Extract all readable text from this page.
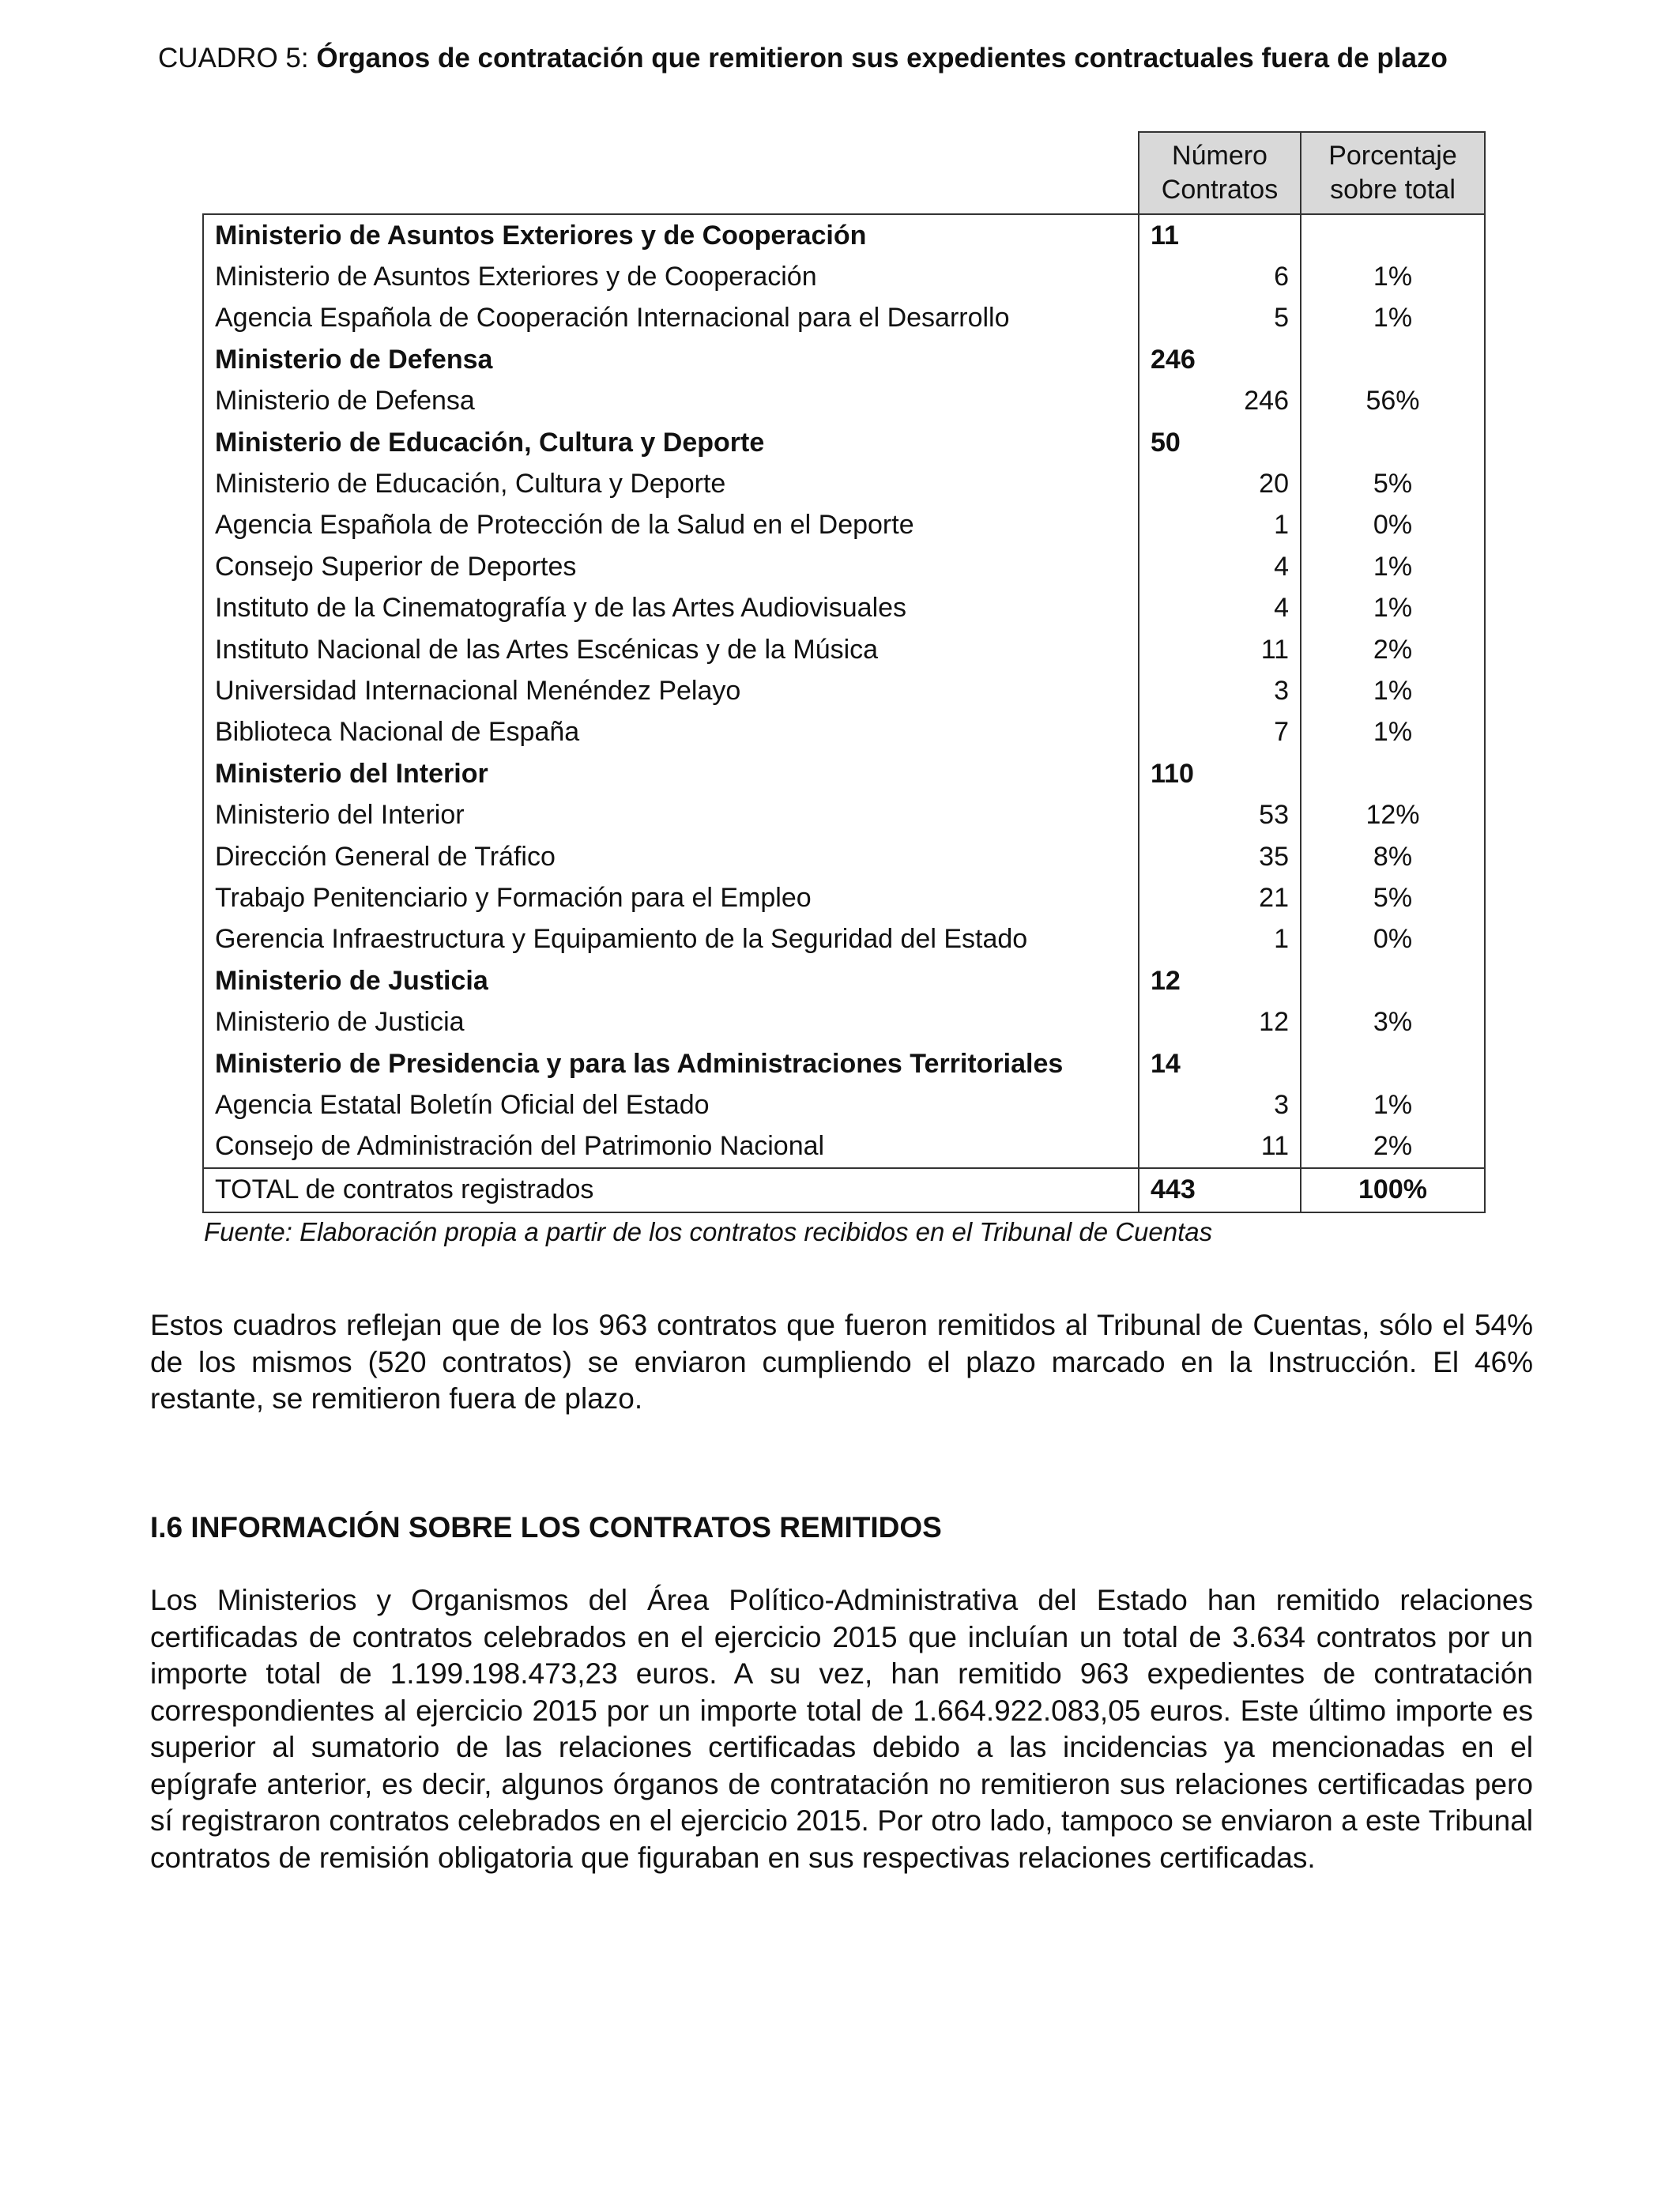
CUADRO 5: Órganos de contratación que remitieron sus expedientes contractuales fuera de plazo
	Número Contratos	Porcentaje sobre total
Ministerio de Asuntos Exteriores y de Cooperación	11	
Ministerio de Asuntos Exteriores y de Cooperación	6	1%
Agencia Española de Cooperación Internacional para el Desarrollo	5	1%
Ministerio de Defensa	246	
Ministerio de Defensa	246	56%
Ministerio de Educación, Cultura y Deporte	50	
Ministerio de Educación, Cultura y Deporte	20	5%
Agencia Española de Protección de la Salud en el Deporte	1	0%
Consejo Superior de Deportes	4	1%
Instituto de la Cinematografía y de las Artes Audiovisuales	4	1%
Instituto Nacional de las Artes Escénicas y de la Música	11	2%
Universidad Internacional Menéndez Pelayo	3	1%
Biblioteca Nacional de España	7	1%
Ministerio del Interior	110	
Ministerio del Interior	53	12%
Dirección General de Tráfico	35	8%
Trabajo Penitenciario y Formación para el Empleo	21	5%
Gerencia Infraestructura y Equipamiento de la Seguridad del Estado	1	0%
Ministerio de Justicia	12	
Ministerio de Justicia	12	3%
Ministerio de Presidencia y para las Administraciones Territoriales	14	
Agencia Estatal Boletín Oficial del Estado	3	1%
Consejo de Administración del Patrimonio Nacional	11	2%
TOTAL de contratos registrados	443	100%
Fuente: Elaboración propia a partir de los contratos recibidos en el Tribunal de Cuentas

Estos cuadros reflejan que de los 963 contratos que fueron remitidos al Tribunal de Cuentas, sólo el 54% de los mismos (520 contratos) se enviaron cumpliendo el plazo marcado en la Instrucción. El 46% restante, se remitieron fuera de plazo.

I.6 INFORMACIÓN SOBRE LOS CONTRATOS REMITIDOS

Los Ministerios y Organismos del Área Político-Administrativa del Estado han remitido relaciones certificadas de contratos celebrados en el ejercicio 2015 que incluían un total de 3.634 contratos por un importe total de 1.199.198.473,23 euros. A su vez, han remitido 963 expedientes de contratación correspondientes al ejercicio 2015 por un importe total de 1.664.922.083,05 euros. Este último importe es superior al sumatorio de las relaciones certificadas debido a las incidencias ya mencionadas en el epígrafe anterior, es decir, algunos órganos de contratación no remitieron sus relaciones certificadas pero sí registraron contratos celebrados en el ejercicio 2015. Por otro lado, tampoco se enviaron a este Tribunal contratos de remisión obligatoria que figuraban en sus respectivas relaciones certificadas.
